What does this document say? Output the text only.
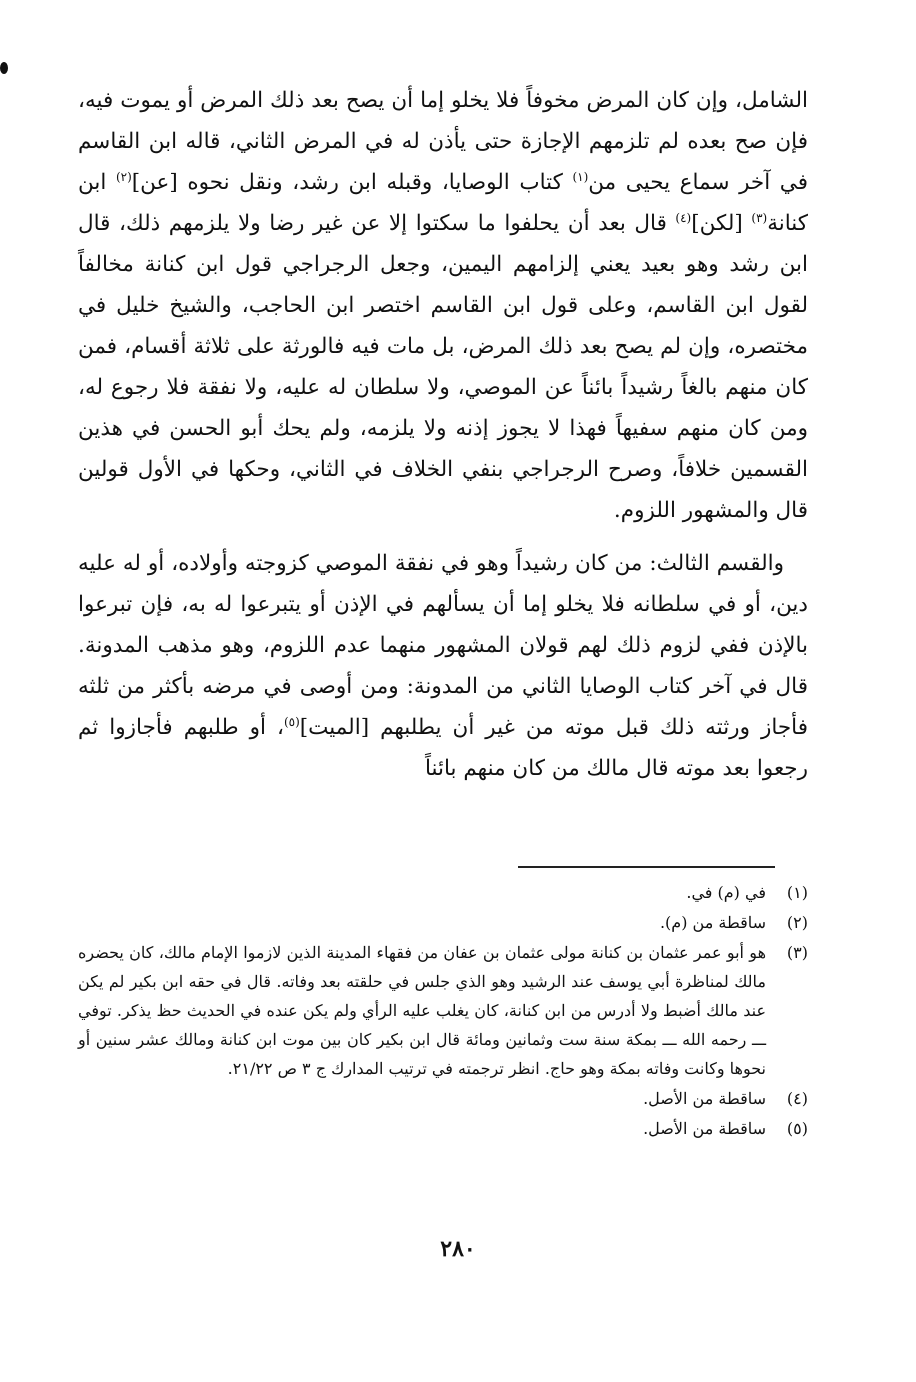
الشامل، وإن كان المرض مخوفاً فلا يخلو إما أن يصح بعد ذلك المرض أو يموت فيه، فإن صح بعده لم تلزمهم الإجازة حتى يأذن له في المرض الثاني، قاله ابن القاسم في آخر سماع يحيى من$^{(١)}$ كتاب الوصايا، وقبله ابن رشد، ونقل نحوه [عن]$^{(٢)}$ ابن كنانة$^{(٣)}$ [لكن]$^{(٤)}$ قال بعد أن يحلفوا ما سكتوا إلا عن غير رضا ولا يلزمهم ذلك، قال ابن رشد وهو بعيد يعني إلزامهم اليمين، وجعل الرجراجي قول ابن كنانة مخالفاً لقول ابن القاسم، وعلى قول ابن القاسم اختصر ابن الحاجب، والشيخ خليل في مختصره، وإن لم يصح بعد ذلك المرض، بل مات فيه فالورثة على ثلاثة أقسام، فمن كان منهم بالغاً رشيداً بائناً عن الموصي، ولا سلطان له عليه، ولا نفقة فلا رجوع له، ومن كان منهم سفيهاً فهذا لا يجوز إذنه ولا يلزمه، ولم يحك أبو الحسن في هذين القسمين خلافاً، وصرح الرجراجي بنفي الخلاف في الثاني، وحكها في الأول قولين قال والمشهور اللزوم.

والقسم الثالث: من كان رشيداً وهو في نفقة الموصي كزوجته وأولاده، أو له عليه دين، أو في سلطانه فلا يخلو إما أن يسألهم في الإذن أو يتبرعوا له به، فإن تبرعوا بالإذن ففي لزوم ذلك لهم قولان المشهور منهما عدم اللزوم، وهو مذهب المدونة. قال في آخر كتاب الوصايا الثاني من المدونة: ومن أوصى في مرضه بأكثر من ثلثه فأجاز ورثته ذلك قبل موته من غير أن يطلبهم [الميت]$^{(٥)}$، أو طلبهم فأجازوا ثم رجعوا بعد موته قال مالك من كان منهم بائناً

(١)
في (م) في.
(٢)
ساقطة من (م).
(٣)
هو أبو عمر عثمان بن كنانة مولى عثمان بن عفان من فقهاء المدينة الذين لازموا الإمام مالك، كان يحضره مالك لمناظرة أبي يوسف عند الرشيد وهو الذي جلس في حلقته بعد وفاته. قال في حقه ابن بكير لم يكن عند مالك أضبط ولا أدرس من ابن كنانة، كان يغلب عليه الرأي ولم يكن عنده في الحديث حظ يذكر. توفي ـــ رحمه الله ـــ بمكة سنة ست وثمانين ومائة قال ابن بكير كان بين موت ابن كنانة ومالك عشر سنين أو نحوها وكانت وفاته بمكة وهو حاج. انظر ترجمته في ترتيب المدارك ج ٣ ص ٢١/٢٢.
(٤)
ساقطة من الأصل.
(٥)
ساقطة من الأصل.
٢٨٠
